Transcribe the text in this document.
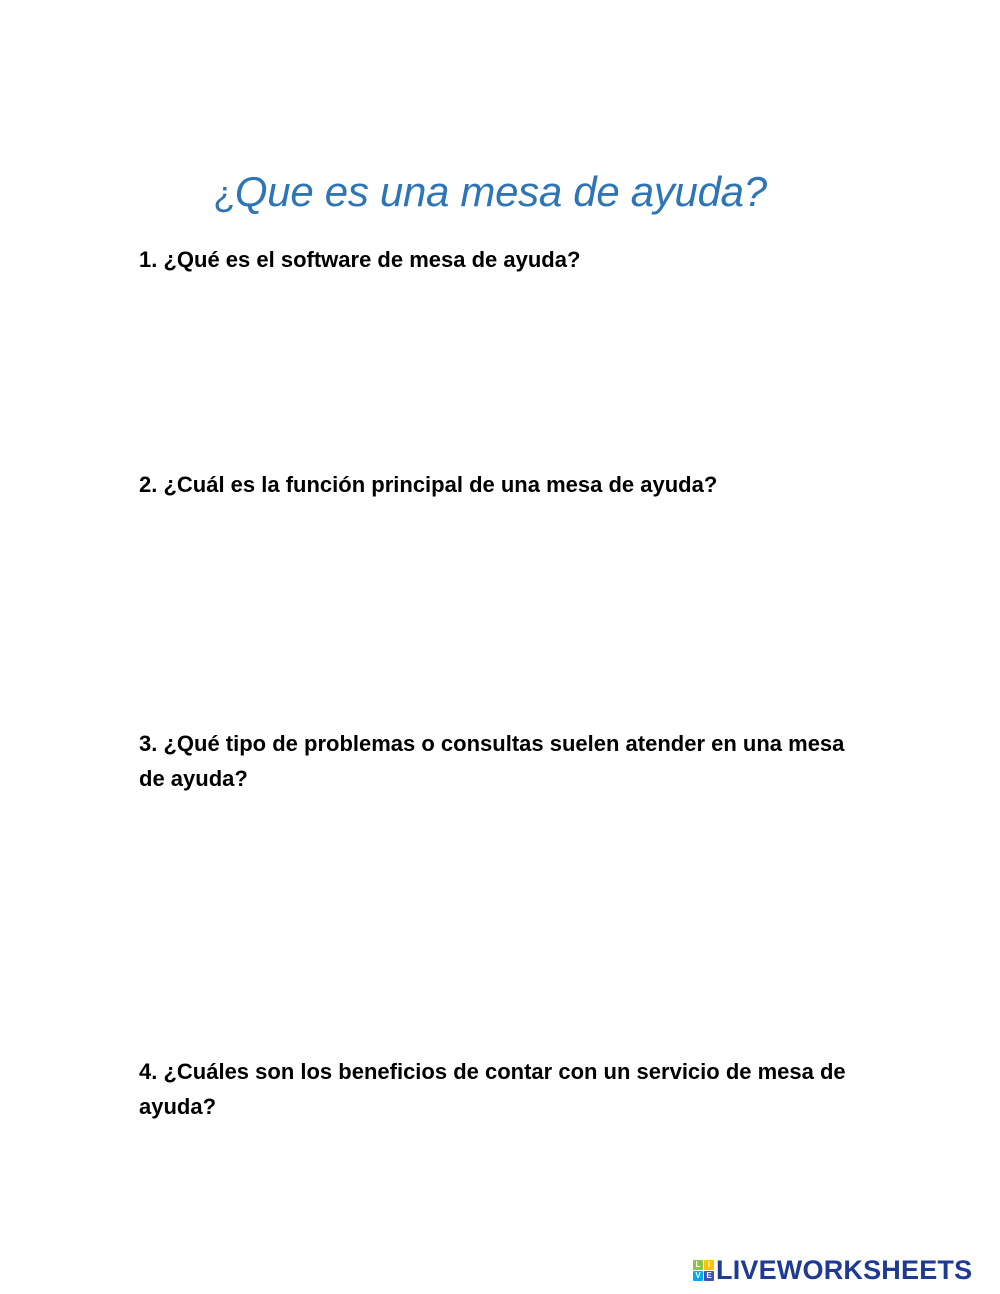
¿Que es una mesa de ayuda?

1. ¿Qué es el software de mesa de ayuda?

2. ¿Cuál es la función principal de una mesa de ayuda?

3. ¿Qué tipo de problemas o consultas suelen atender en una mesa de ayuda?

4. ¿Cuáles son los beneficios de contar con un servicio de mesa de ayuda?

L I
V E LIVEWORKSHEETS
